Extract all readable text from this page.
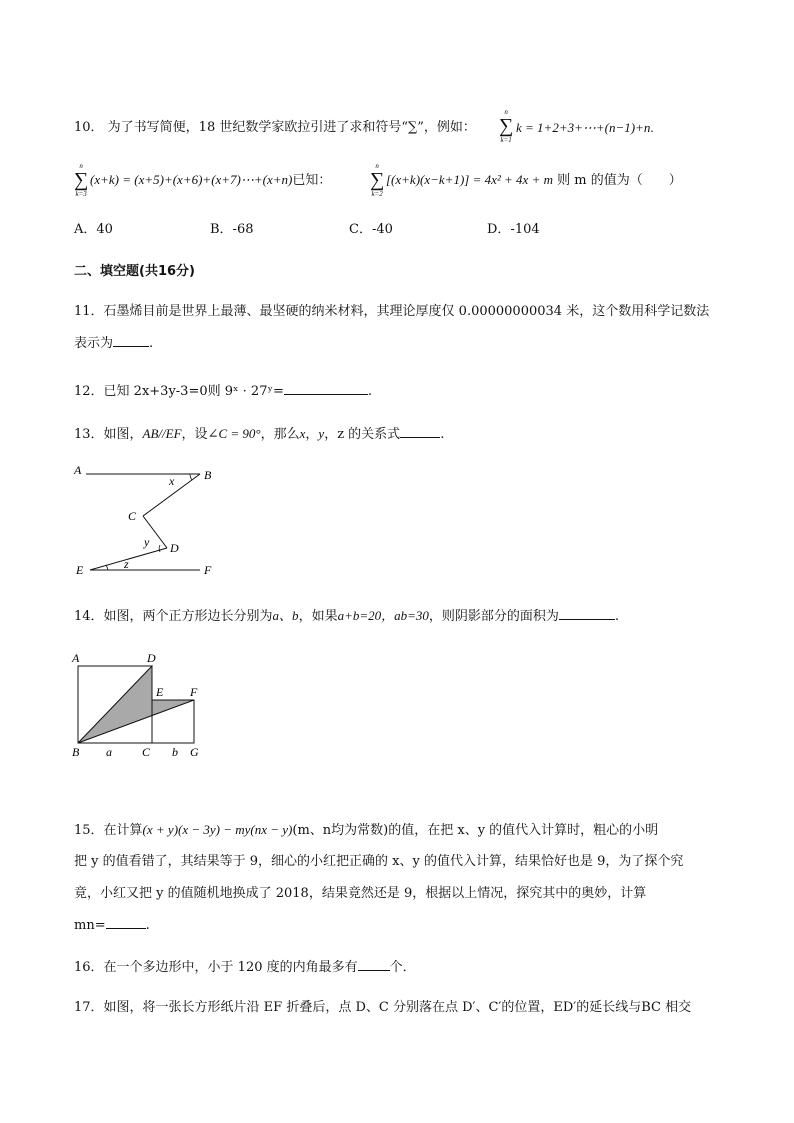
10． 为了书写简便，18 世纪数学家欧拉引进了求和符号“∑”，例如：
n
∑
k=1
k = 1+2+3+⋯+(n−1)+n.
n
∑
k=3
(x+k) = (x+5)+(x+6)+(x+7)⋯+(x+n)已知：
n
∑
k=2
[(x+k)(x−k+1)] = 4x² + 4x + m 则 m 的值为（　　）
A．40	B．-68	C．-40	D．-104
二、填空题(共16分)
11．石墨烯目前是世界上最薄、最坚硬的纳米材料，其理论厚度仅 0.00000000034 米，这个数用科学记数法
表示为	.
12．已知 2x+3y-3=0则 9ˣ · 27ʸ=	.
13．如图，AB//EF，设∠C = 90°，那么x，y，z 的关系式	.
A	B
C
D
E	F
x
y
z
14．如图，两个正方形边长分别为a、b，如果a+b=20，ab=30，则阴影部分的面积为	.
A	D
E F
B a	C b G
15．在计算(x + y)(x − 3y) − my(nx − y)(m、n均为常数)的值，在把 x、y 的值代入计算时，粗心的小明
把 y 的值看错了，其结果等于 9，细心的小红把正确的 x、y 的值代入计算，结果恰好也是 9，为了探个究
竟，小红又把 y 的值随机地换成了 2018，结果竟然还是 9，根据以上情况，探究其中的奥妙，计算
mn=	.
16．在一个多边形中，小于 120 度的内角最多有 个．
17．如图，将一张长方形纸片沿 EF 折叠后，点 D、C 分别落在点 D′、C′的位置，ED′的延长线与BC 相交
